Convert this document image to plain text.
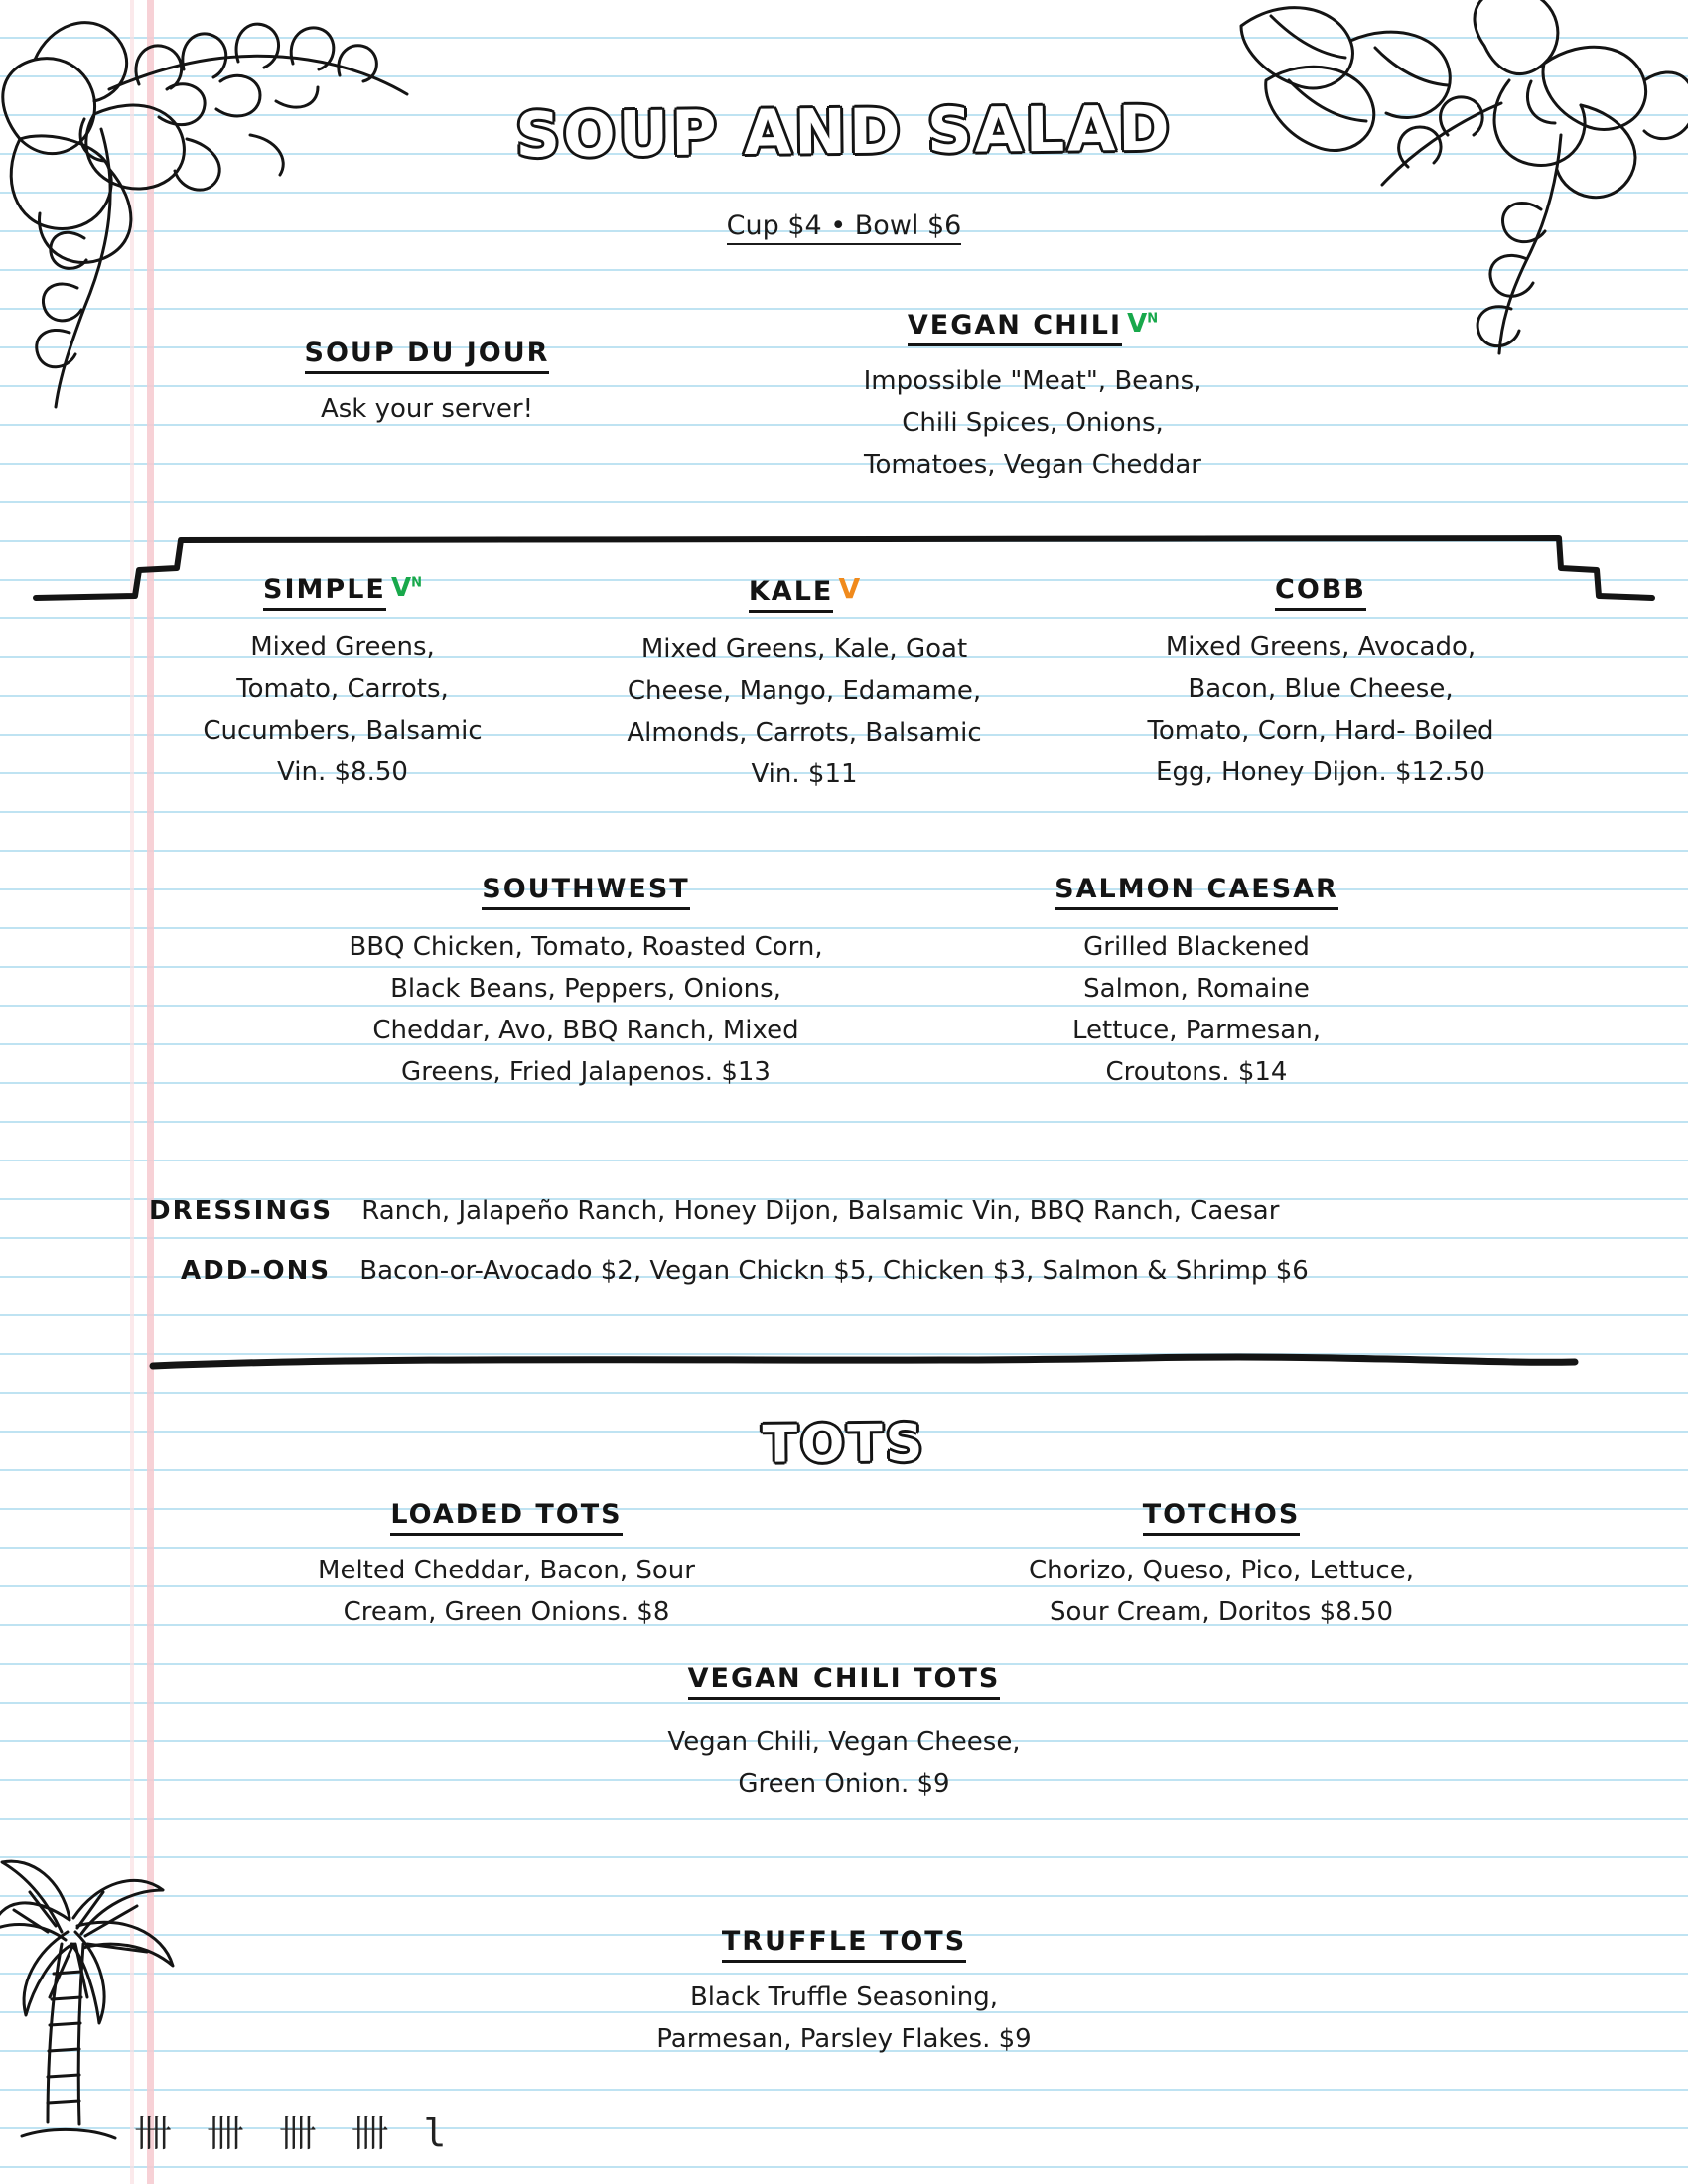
SOUP AND SALAD
Cup $4 • Bowl $6
SOUP DU JOUR
Ask your server!
VEGAN CHILI $V^N$
Impossible "Meat", Beans,
Chili Spices, Onions,
Tomatoes, Vegan Cheddar
SIMPLE $V^N$
Mixed Greens,
Tomato, Carrots,
Cucumbers, Balsamic
Vin. $8.50
KALE V
Mixed Greens, Kale, Goat
Cheese, Mango, Edamame,
Almonds, Carrots, Balsamic
Vin. $11
COBB
Mixed Greens, Avocado,
Bacon, Blue Cheese,
Tomato, Corn, Hard- Boiled
Egg, Honey Dijon. $12.50
SOUTHWEST
BBQ Chicken, Tomato, Roasted Corn,
Black Beans, Peppers, Onions,
Cheddar, Avo, BBQ Ranch, Mixed
Greens, Fried Jalapenos. $13
SALMON CAESAR
Grilled Blackened
Salmon, Romaine
Lettuce, Parmesan,
Croutons. $14
DRESSINGS Ranch, Jalapeño Ranch, Honey Dijon, Balsamic Vin, BBQ Ranch, Caesar
ADD-ONS Bacon-or-Avocado $2, Vegan Chickn $5, Chicken $3, Salmon & Shrimp $6
TOTS
LOADED TOTS
Melted Cheddar, Bacon, Sour
Cream, Green Onions. $8
TOTCHOS
Chorizo, Queso, Pico, Lettuce,
Sour Cream, Doritos $8.50
VEGAN CHILI TOTS
Vegan Chili, Vegan Cheese,
Green Onion. $9
TRUFFLE TOTS
Black Truffle Seasoning,
Parmesan, Parsley Flakes. $9
卌 卌 卌 卌 l
